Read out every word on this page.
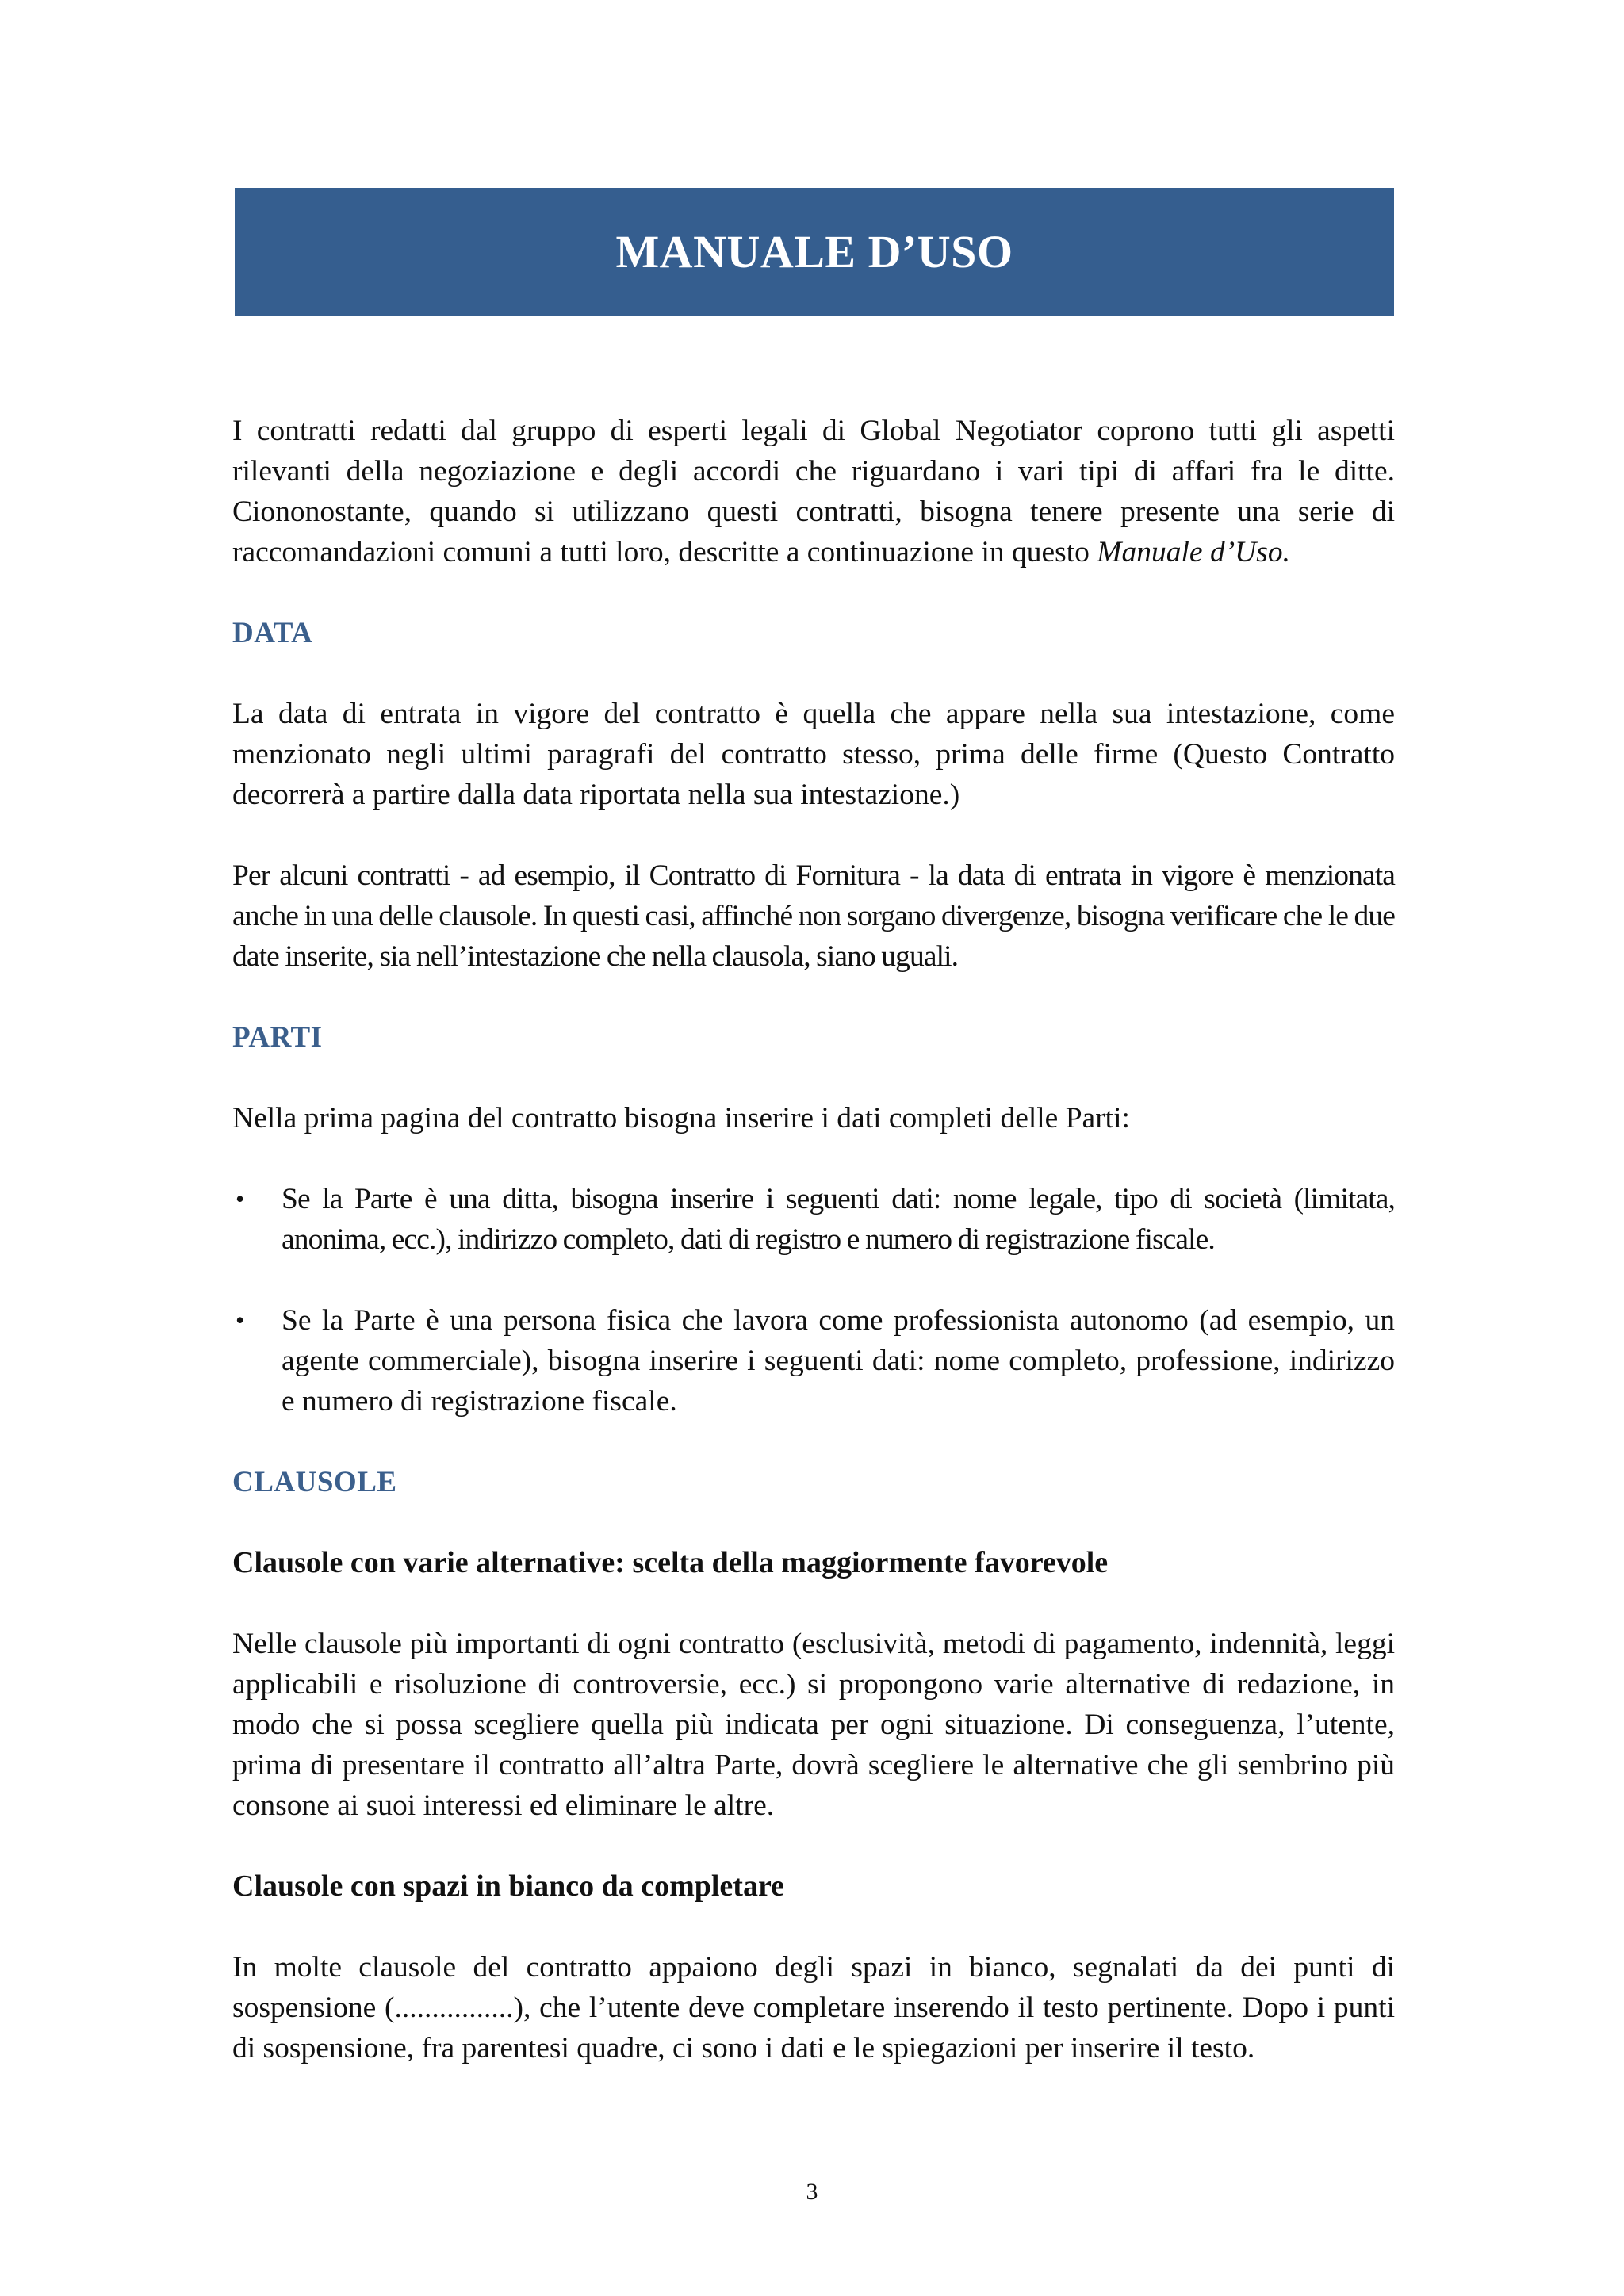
MANUALE D’USO

I contratti redatti dal gruppo di esperti legali di Global Negotiator coprono tutti gli aspetti rilevanti della negoziazione e degli accordi che riguardano i vari tipi di affari fra le ditte. Ciononostante, quando si utilizzano questi contratti, bisogna tenere presente una serie di raccomandazioni comuni a tutti loro, descritte a continuazione in questo Manuale d’Uso.

DATA

La data di entrata in vigore del contratto è quella che appare nella sua intestazione, come menzionato negli ultimi paragrafi del contratto stesso, prima delle firme (Questo Contratto decorrerà a partire dalla data riportata nella sua intestazione.)

Per alcuni contratti - ad esempio, il Contratto di Fornitura - la data di entrata in vigore è menzionata anche in una delle clausole. In questi casi, affinché non sorgano divergenze, bisogna verificare che le due date inserite, sia nell’intestazione che nella clausola, siano uguali.

PARTI

Nella prima pagina del contratto bisogna inserire i dati completi delle Parti:

• Se la Parte è una ditta, bisogna inserire i seguenti dati: nome legale, tipo di società (limitata, anonima, ecc.), indirizzo completo, dati di registro e numero di registrazione fiscale.
• Se la Parte è una persona fisica che lavora come professionista autonomo (ad esempio, un agente commerciale), bisogna inserire i seguenti dati: nome completo, professione, indirizzo e numero di registrazione fiscale.
CLAUSOLE
Clausole con varie alternative: scelta della maggiormente favorevole

Nelle clausole più importanti di ogni contratto (esclusività, metodi di pagamento, indennità, leggi applicabili e risoluzione di controversie, ecc.) si propongono varie alternative di redazione, in modo che si possa scegliere quella più indicata per ogni situazione. Di conseguenza, l’utente, prima di presentare il contratto all’altra Parte, dovrà scegliere le alternative che gli sembrino più consone ai suoi interessi ed eliminare le altre.

Clausole con spazi in bianco da completare

In molte clausole del contratto appaiono degli spazi in bianco, segnalati da dei punti di sospensione (................), che l’utente deve completare inserendo il testo pertinente. Dopo i punti di sospensione, fra parentesi quadre, ci sono i dati e le spiegazioni per inserire il testo.

3
